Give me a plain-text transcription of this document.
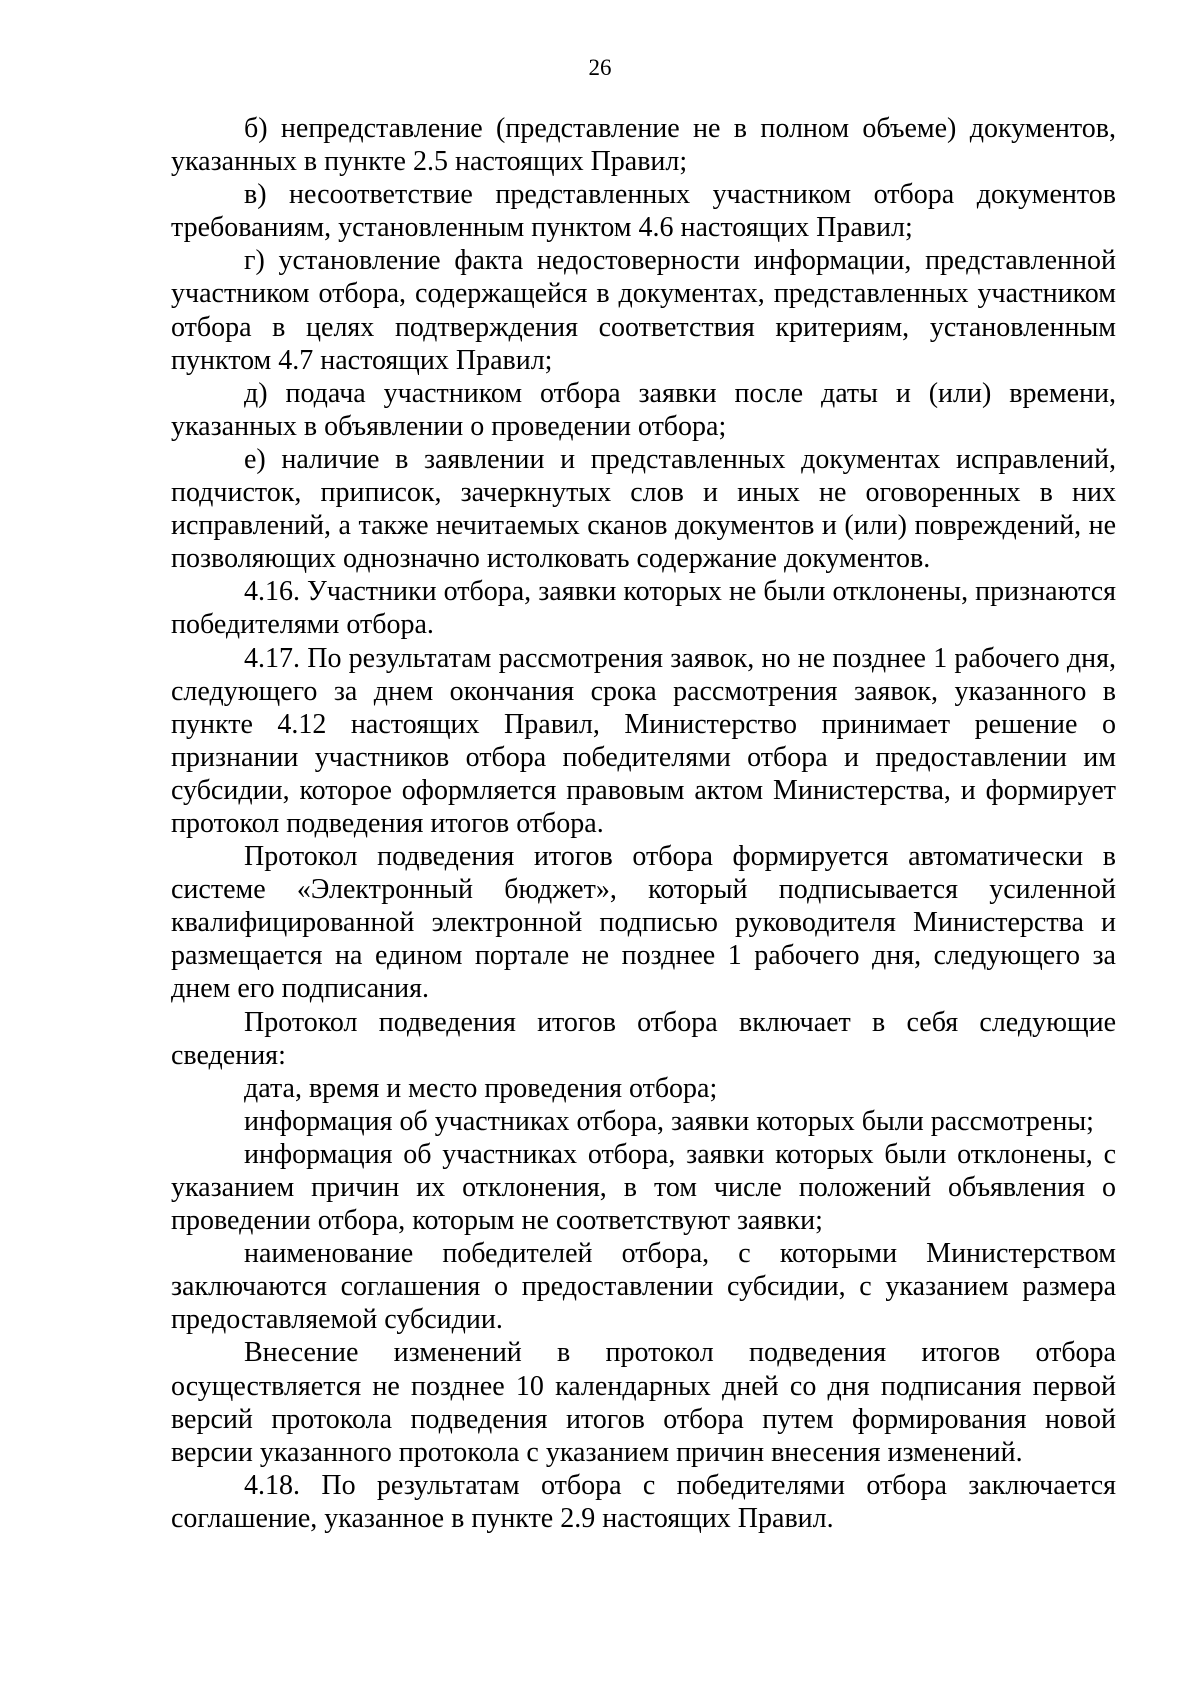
26

б) непредставление (представление не в полном объеме) документов, указанных в пункте 2.5 настоящих Правил;

в) несоответствие представленных участником отбора документов требованиям, установленным пунктом 4.6 настоящих Правил;

г) установление факта недостоверности информации, представленной участником отбора, содержащейся в документах, представленных участником отбора в целях подтверждения соответствия критериям, установленным пунктом 4.7 настоящих Правил;

д) подача участником отбора заявки после даты и (или) времени, указанных в объявлении о проведении отбора;

е) наличие в заявлении и представленных документах исправлений, подчисток, приписок, зачеркнутых слов и иных не оговоренных в них исправлений, а также нечитаемых сканов документов и (или) повреждений, не позволяющих однозначно истолковать содержание документов.

4.16. Участники отбора, заявки которых не были отклонены, признаются победителями отбора.

4.17. По результатам рассмотрения заявок, но не позднее 1 рабочего дня, следующего за днем окончания срока рассмотрения заявок, указанного в пункте 4.12 настоящих Правил, Министерство принимает решение о признании участников отбора победителями отбора и предоставлении им субсидии, которое оформляется правовым актом Министерства, и формирует протокол подведения итогов отбора.

Протокол подведения итогов отбора формируется автоматически в системе «Электронный бюджет», который подписывается усиленной квалифицированной электронной подписью руководителя Министерства и размещается на едином портале не позднее 1 рабочего дня, следующего за днем его подписания.

Протокол подведения итогов отбора включает в себя следующие сведения:

дата, время и место проведения отбора;

информация об участниках отбора, заявки которых были рассмотрены;

информация об участниках отбора, заявки которых были отклонены, с указанием причин их отклонения, в том числе положений объявления о проведении отбора, которым не соответствуют заявки;

наименование победителей отбора, с которыми Министерством заключаются соглашения о предоставлении субсидии, с указанием размера предоставляемой субсидии.

Внесение изменений в протокол подведения итогов отбора осуществляется не позднее 10 календарных дней со дня подписания первой версий протокола подведения итогов отбора путем формирования новой версии указанного протокола с указанием причин внесения изменений.

4.18. По результатам отбора с победителями отбора заключается соглашение, указанное в пункте 2.9 настоящих Правил.
